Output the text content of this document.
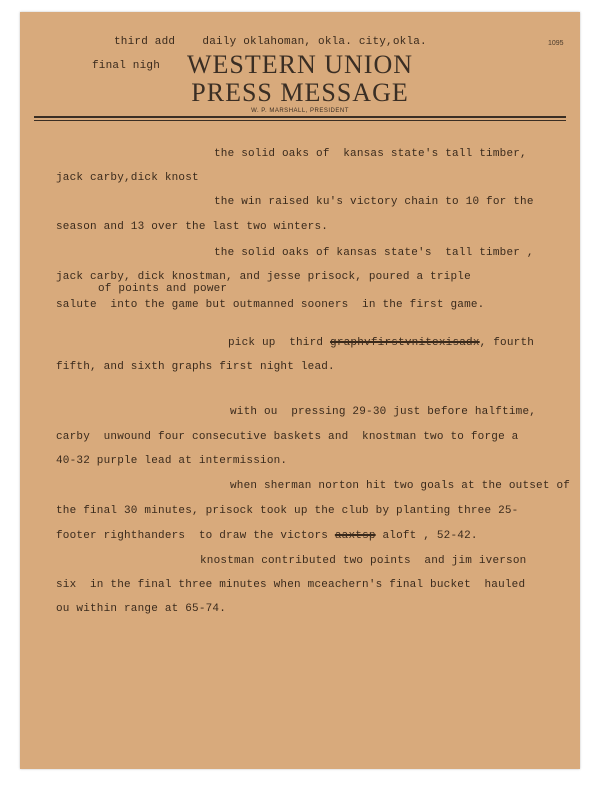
third add    daily oklahoman, okla. city,okla.
final nigh
1095
WESTERN UNION
PRESS MESSAGE
W. P. MARSHALL, PRESIDENT
the solid oaks of  kansas state's tall timber,
jack carby,dick knost
the win raised ku's victory chain to 10 for the
season and 13 over the last two winters.
the solid oaks of kansas state's  tall timber ,
jack carby, dick knostman, and jesse prisock, poured a triple
of points and power
salute  into the game but outmanned sooners  in the first game.
pick up  third graphvfirstvnitexisadx, fourth
fifth, and sixth graphs first night lead.
with ou  pressing 29-30 just before halftime,
carby  unwound four consecutive baskets and  knostman two to forge a
40-32 purple lead at intermission.
when sherman norton hit two goals at the outset of
the final 30 minutes, prisock took up the club by planting three 25-
footer righthanders  to draw the victors aaxtsp aloft , 52-42.
knostman contributed two points  and jim iverson
six  in the final three minutes when mceachern's final bucket  hauled
ou within range at 65-74.
